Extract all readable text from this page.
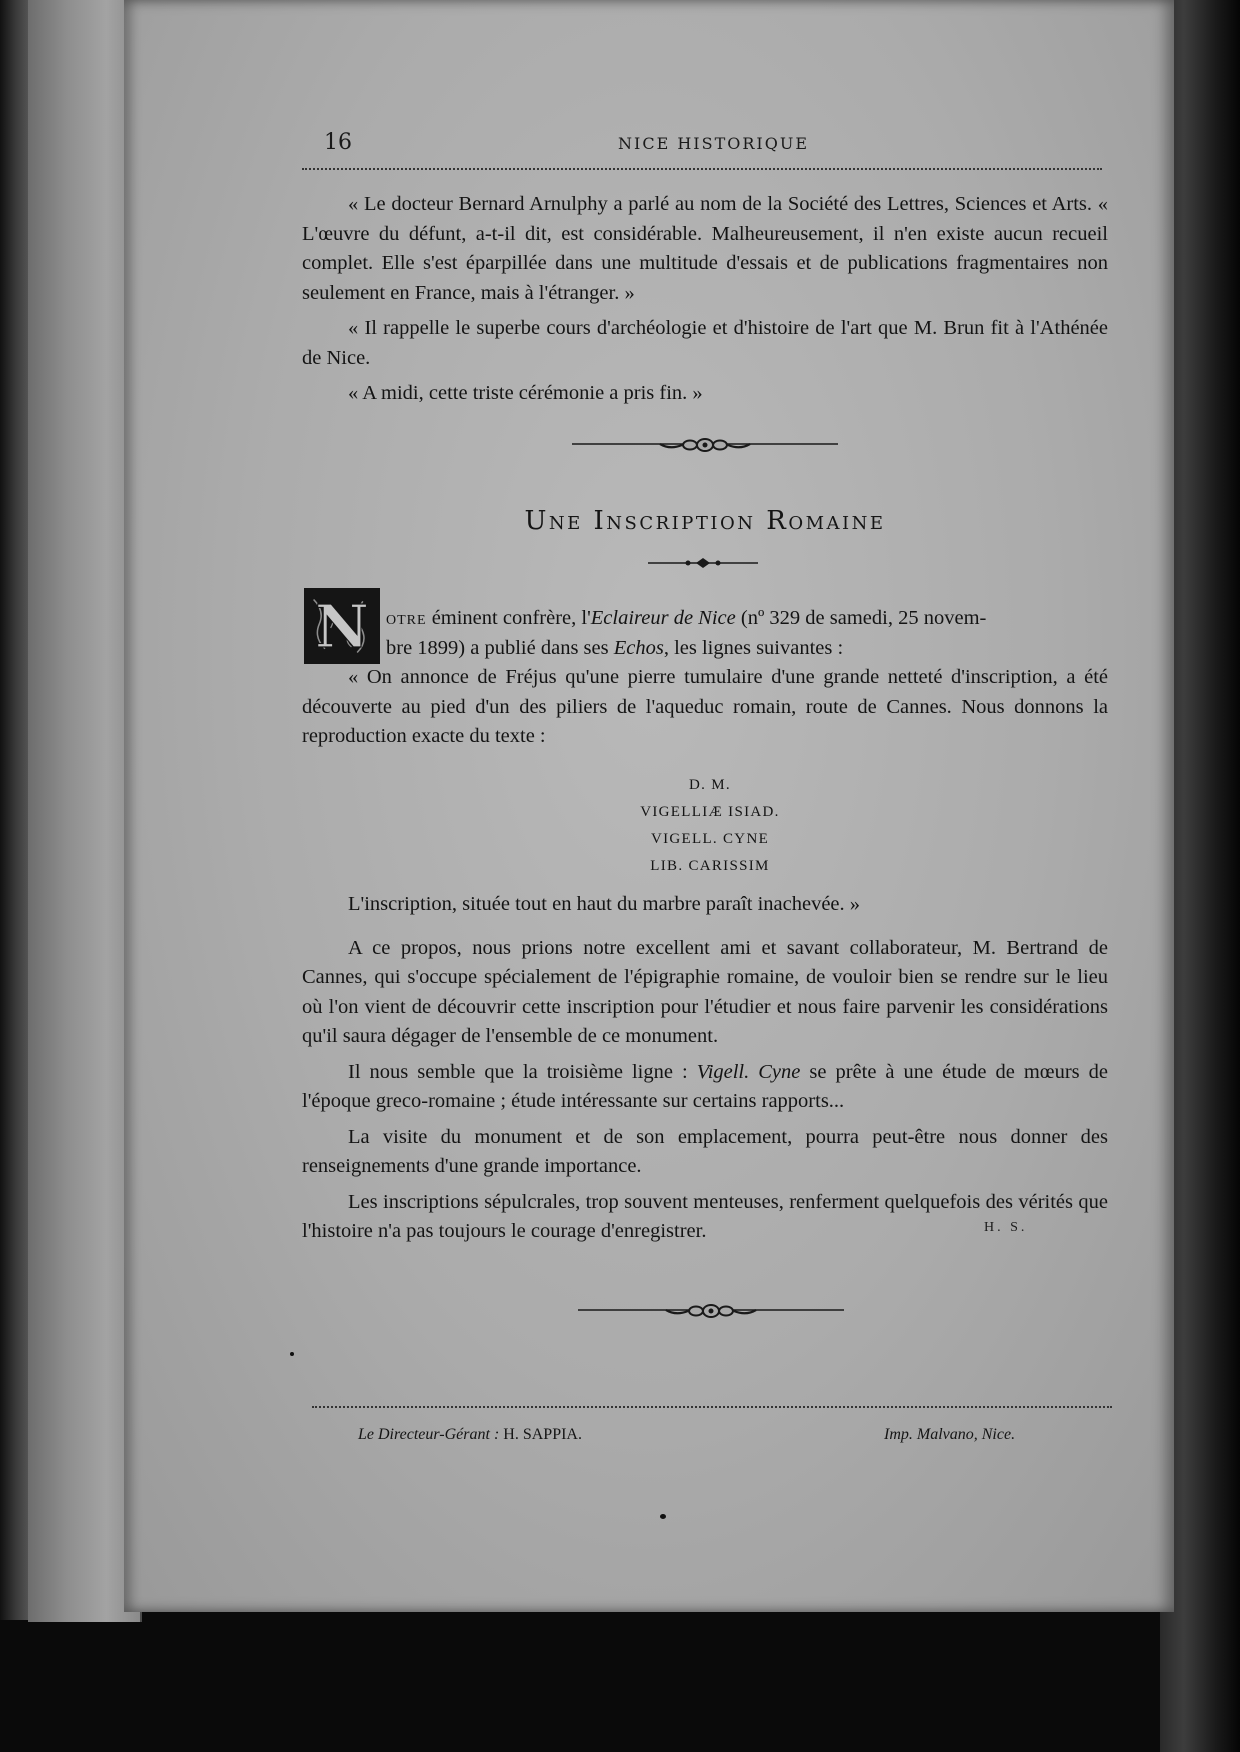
16	NICE HISTORIQUE

« Le docteur Bernard Arnulphy a parlé au nom de la Société des Lettres, Sciences et Arts. « L'œuvre du défunt, a-t-il dit, est considérable. Malheureusement, il n'en existe aucun recueil complet. Elle s'est éparpillée dans une multitude d'essais et de publications fragmentaires non seulement en France, mais à l'étranger. »

« Il rappelle le superbe cours d'archéologie et d'histoire de l'art que M. Brun fit à l'Athénée de Nice.

« A midi, cette triste cérémonie a pris fin. »

Une Inscription Romaine
N otre éminent confrère, l'Eclaireur de Nice (nº 329 de samedi, 25 novem-
bre 1899) a publié dans ses Echos, les lignes suivantes :

« On annonce de Fréjus qu'une pierre tumulaire d'une grande netteté d'inscription, a été découverte au pied d'un des piliers de l'aqueduc romain, route de Cannes. Nous donnons la reproduction exacte du texte :

D. M.
VIGELLIÆ ISIAD.
VIGELL. CYNE
LIB. CARISSIM

L'inscription, située tout en haut du marbre paraît inachevée. »

A ce propos, nous prions notre excellent ami et savant collaborateur, M. Bertrand de Cannes, qui s'occupe spécialement de l'épigraphie romaine, de vouloir bien se rendre sur le lieu où l'on vient de découvrir cette inscription pour l'étudier et nous faire parvenir les considérations qu'il saura dégager de l'ensemble de ce monument.

Il nous semble que la troisième ligne : Vigell. Cyne se prête à une étude de mœurs de l'époque greco-romaine ; étude intéressante sur certains rapports...

La visite du monument et de son emplacement, pourra peut-être nous donner des renseignements d'une grande importance.

Les inscriptions sépulcrales, trop souvent menteuses, renferment quelquefois des vérités que l'histoire n'a pas toujours le courage d'enregistrer.	H. S.
Le Directeur-Gérant : H. SAPPIA.	Imp. Malvano, Nice.
